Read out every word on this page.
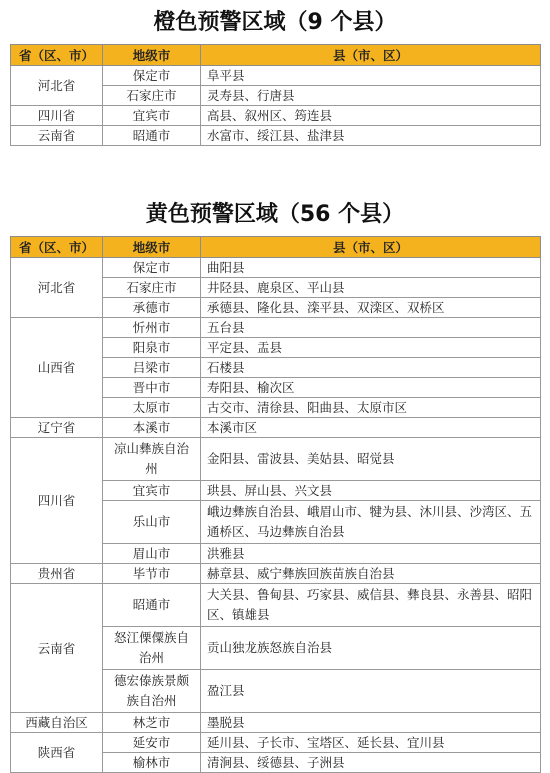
橙色预警区域（9 个县）
省（区、市）	地级市	县（市、区）
河北省	保定市	阜平县
	石家庄市	灵寿县、行唐县
四川省	宜宾市	高县、叙州区、筠连县
云南省	昭通市	水富市、绥江县、盐津县
黄色预警区域（56 个县）
省（区、市）	地级市	县（市、区）
河北省	保定市	曲阳县
	石家庄市	井陉县、鹿泉区、平山县
	承德市	承德县、隆化县、滦平县、双滦区、双桥区
山西省	忻州市	五台县
	阳泉市	平定县、盂县
	吕梁市	石楼县
	晋中市	寿阳县、榆次区
	太原市	古交市、清徐县、阳曲县、太原市区
辽宁省	本溪市	本溪市区
四川省	凉山彝族自治州	金阳县、雷波县、美姑县、昭觉县
	宜宾市	珙县、屏山县、兴文县
	乐山市	峨边彝族自治县、峨眉山市、犍为县、沐川县、沙湾区、五通桥区、马边彝族自治县
	眉山市	洪雅县
贵州省	毕节市	赫章县、威宁彝族回族苗族自治县
云南省	昭通市	大关县、鲁甸县、巧家县、威信县、彝良县、永善县、昭阳区、镇雄县
	怒江傈僳族自治州	贡山独龙族怒族自治县
	德宏傣族景颇族自治州	盈江县
西藏自治区	林芝市	墨脱县
陕西省	延安市	延川县、子长市、宝塔区、延长县、宜川县
	榆林市	清涧县、绥德县、子洲县
